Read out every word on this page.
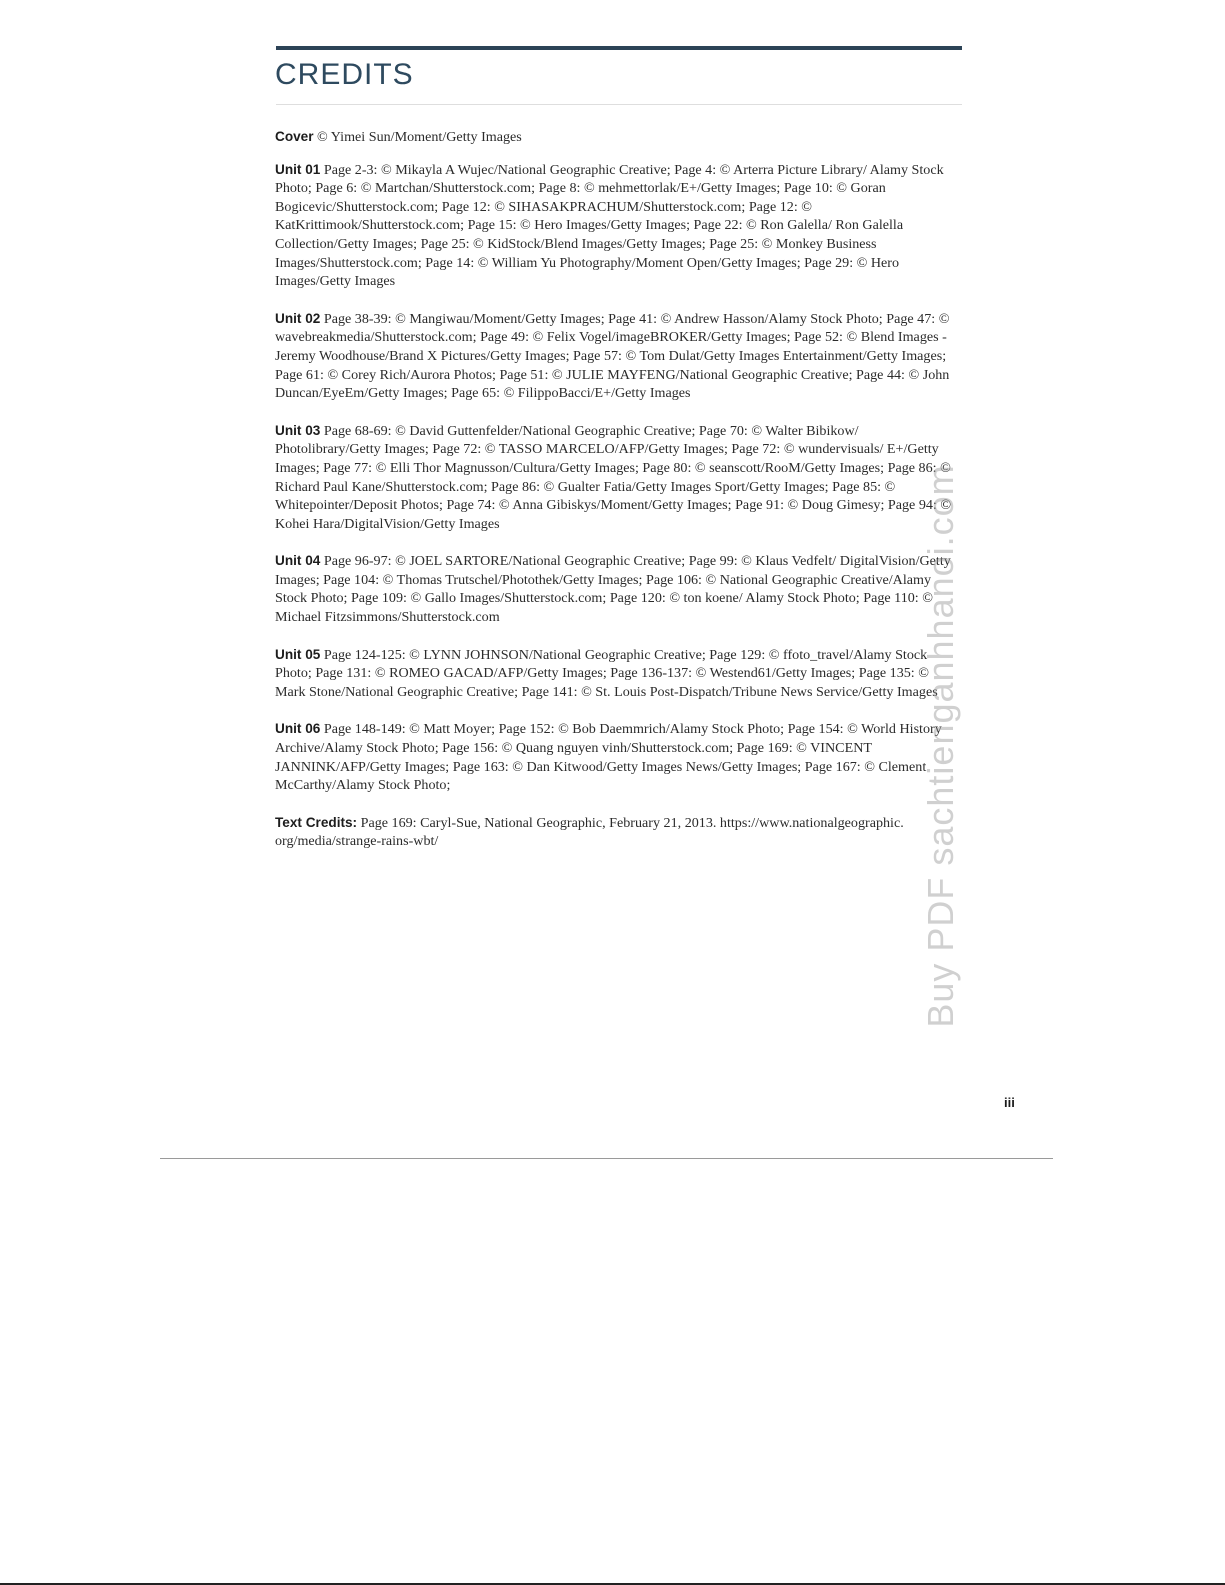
CREDITS

Cover © Yimei Sun/Moment/Getty Images

Unit 01 Page 2-3: © Mikayla A Wujec/National Geographic Creative; Page 4: © Arterra Picture Library/ Alamy Stock Photo; Page 6: © Martchan/Shutterstock.com; Page 8: © mehmettorlak/E+/Getty Images; Page 10: © Goran Bogicevic/Shutterstock.com; Page 12: © SIHASAKPRACHUM/Shutterstock.com; Page 12: © KatKrittimook/Shutterstock.com; Page 15: © Hero Images/Getty Images; Page 22: © Ron Galella/ Ron Galella Collection/Getty Images; Page 25: © KidStock/Blend Images/Getty Images; Page 25: © Monkey Business Images/Shutterstock.com; Page 14: © William Yu Photography/Moment Open/Getty Images; Page 29: © Hero Images/Getty Images

Unit 02 Page 38-39: © Mangiwau/Moment/Getty Images; Page 41: © Andrew Hasson/Alamy Stock Photo; Page 47: © wavebreakmedia/Shutterstock.com; Page 49: © Felix Vogel/imageBROKER/Getty Images; Page 52: © Blend Images - Jeremy Woodhouse/Brand X Pictures/Getty Images; Page 57: © Tom Dulat/Getty Images Entertainment/Getty Images; Page 61: © Corey Rich/Aurora Photos; Page 51: © JULIE MAYFENG/National Geographic Creative; Page 44: © John Duncan/EyeEm/Getty Images; Page 65: © FilippoBacci/E+/Getty Images

Unit 03 Page 68-69: © David Guttenfelder/National Geographic Creative; Page 70: © Walter Bibikow/ Photolibrary/Getty Images; Page 72: © TASSO MARCELO/AFP/Getty Images; Page 72: © wundervisuals/ E+/Getty Images; Page 77: © Elli Thor Magnusson/Cultura/Getty Images; Page 80: © seanscott/RooM/Getty Images; Page 86: © Richard Paul Kane/Shutterstock.com; Page 86: © Gualter Fatia/Getty Images Sport/Getty Images; Page 85: © Whitepointer/Deposit Photos; Page 74: © Anna Gibiskys/Moment/Getty Images; Page 91: © Doug Gimesy; Page 94: © Kohei Hara/DigitalVision/Getty Images

Unit 04 Page 96-97: © JOEL SARTORE/National Geographic Creative; Page 99: © Klaus Vedfelt/ DigitalVision/Getty Images; Page 104: © Thomas Trutschel/Photothek/Getty Images; Page 106: © National Geographic Creative/Alamy Stock Photo; Page 109: © Gallo Images/Shutterstock.com; Page 120: © ton koene/ Alamy Stock Photo; Page 110: © Michael Fitzsimmons/Shutterstock.com

Unit 05 Page 124-125: © LYNN JOHNSON/National Geographic Creative; Page 129: © ffoto_travel/Alamy Stock Photo; Page 131: © ROMEO GACAD/AFP/Getty Images; Page 136-137: © Westend61/Getty Images; Page 135: © Mark Stone/National Geographic Creative; Page 141: © St. Louis Post-Dispatch/Tribune News Service/Getty Images

Unit 06 Page 148-149: © Matt Moyer; Page 152: © Bob Daemmrich/Alamy Stock Photo; Page 154: © World History Archive/Alamy Stock Photo; Page 156: © Quang nguyen vinh/Shutterstock.com; Page 169: © VINCENT JANNINK/AFP/Getty Images; Page 163: © Dan Kitwood/Getty Images News/Getty Images; Page 167: © Clement McCarthy/Alamy Stock Photo;

Text Credits: Page 169: Caryl-Sue, National Geographic, February 21, 2013. https://www.nationalgeographic. org/media/strange-rains-wbt/	Buy PDF sachtienganhhanoi.com
iii
